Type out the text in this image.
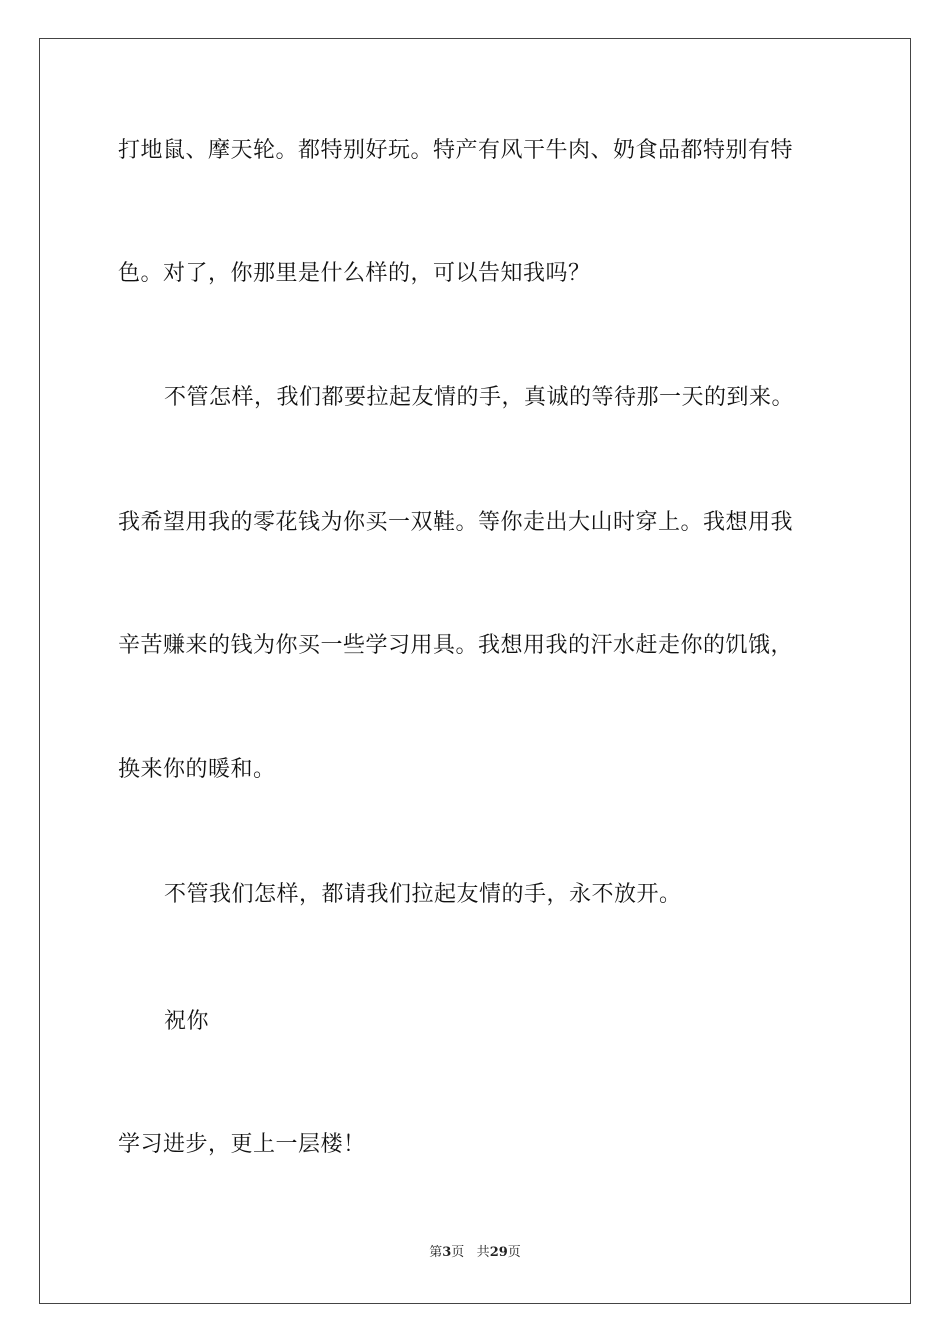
打地鼠、摩天轮。都特别好玩。特产有风干牛肉、奶食品都特别有特
色。对了，你那里是什么样的，可以告知我吗？
不管怎样，我们都要拉起友情的手，真诚的等待那一天的到来。
我希望用我的零花钱为你买一双鞋。等你走出大山时穿上。我想用我
辛苦赚来的钱为你买一些学习用具。我想用我的汗水赶走你的饥饿，
换来你的暖和。
不管我们怎样，都请我们拉起友情的手，永不放开。
祝你
学习进步，更上一层楼！
第3页 共29页
